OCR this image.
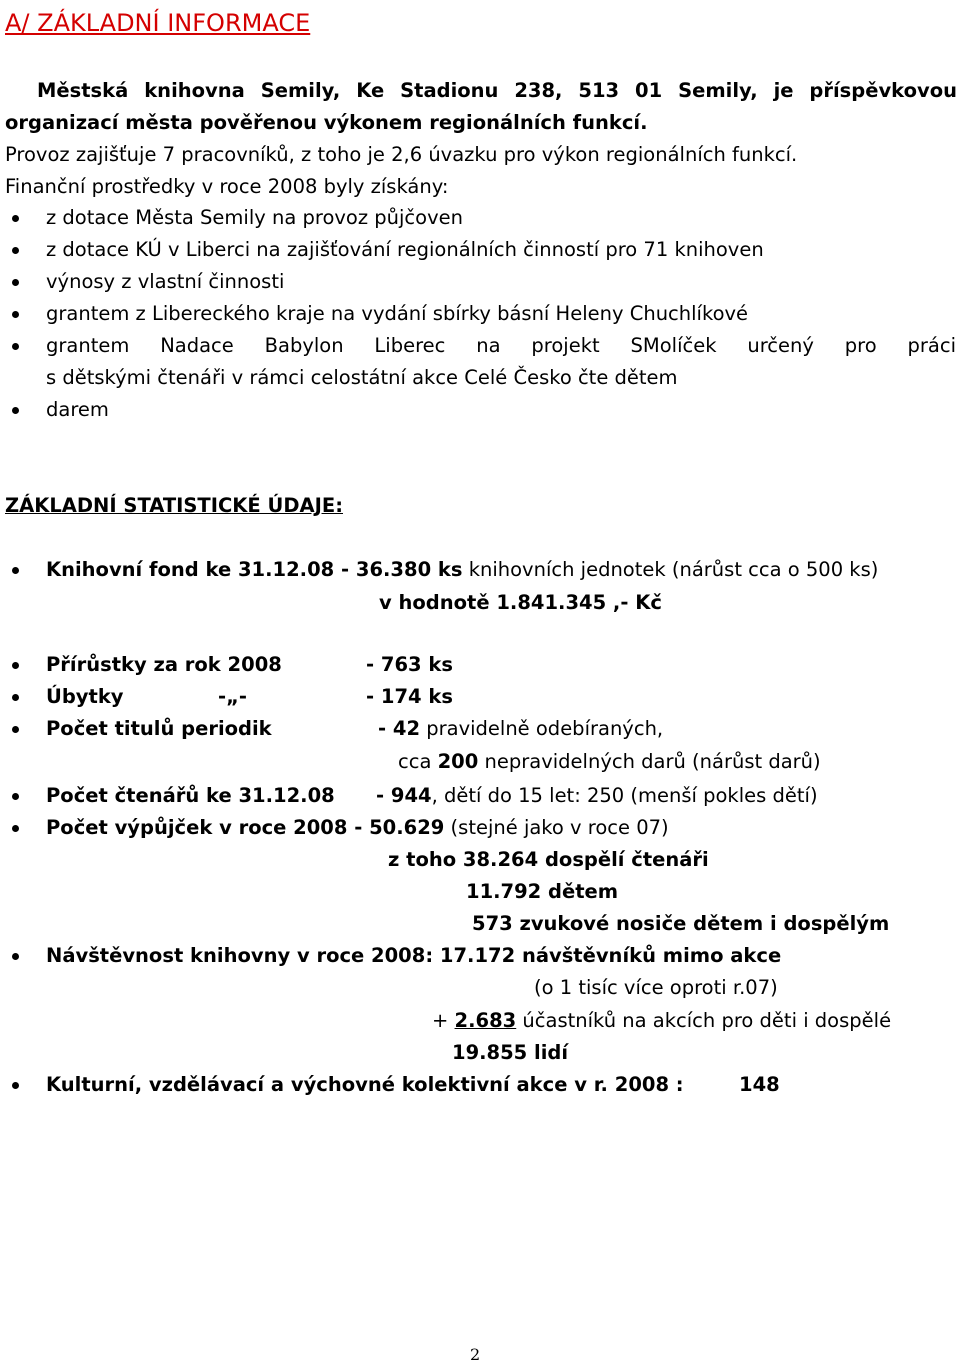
A/ ZÁKLADNÍ INFORMACE
Městská knihovna Semily, Ke Stadionu 238, 513 01 Semily, je příspěvkovou
organizací města pověřenou výkonem regionálních funkcí.
Provoz zajišťuje 7 pracovníků, z toho je 2,6 úvazku pro výkon regionálních funkcí.
Finanční prostředky v roce 2008 byly získány:
z dotace Města Semily na provoz půjčoven
z dotace KÚ v Liberci na zajišťování regionálních činností pro 71 knihoven
výnosy z vlastní činnosti
grantem z Libereckého kraje na vydání sbírky básní Heleny Chuchlíkové
grantem Nadace Babylon Liberec na projekt SMolíček určený pro práci
s dětskými čtenáři v rámci celostátní akce Celé Česko čte dětem
darem
ZÁKLADNÍ STATISTICKÉ ÚDAJE:
Knihovní fond ke 31.12.08 - 36.380 ks knihovních jednotek (nárůst cca o 500 ks)
v hodnotě 1.841.345 ,- Kč
Přírůstky za rok 2008	- 763 ks
Úbytky	-„-	- 174 ks
Počet titulů periodik	- 42 pravidelně odebíraných,
cca 200 nepravidelných darů (nárůst darů)
Počet čtenářů ke 31.12.08 - 944, dětí do 15 let: 250 (menší pokles dětí)
Počet výpůjček v roce 2008 - 50.629 (stejné jako v roce 07)
z toho 38.264 dospělí čtenáři
11.792 dětem
573 zvukové nosiče dětem i dospělým
Návštěvnost knihovny v roce 2008: 17.172 návštěvníků mimo akce
(o 1 tisíc více oproti r.07)
+ 2.683 účastníků na akcích pro děti i dospělé
19.855 lidí
Kulturní, vzdělávací a výchovné kolektivní akce v r. 2008 :	148
2
